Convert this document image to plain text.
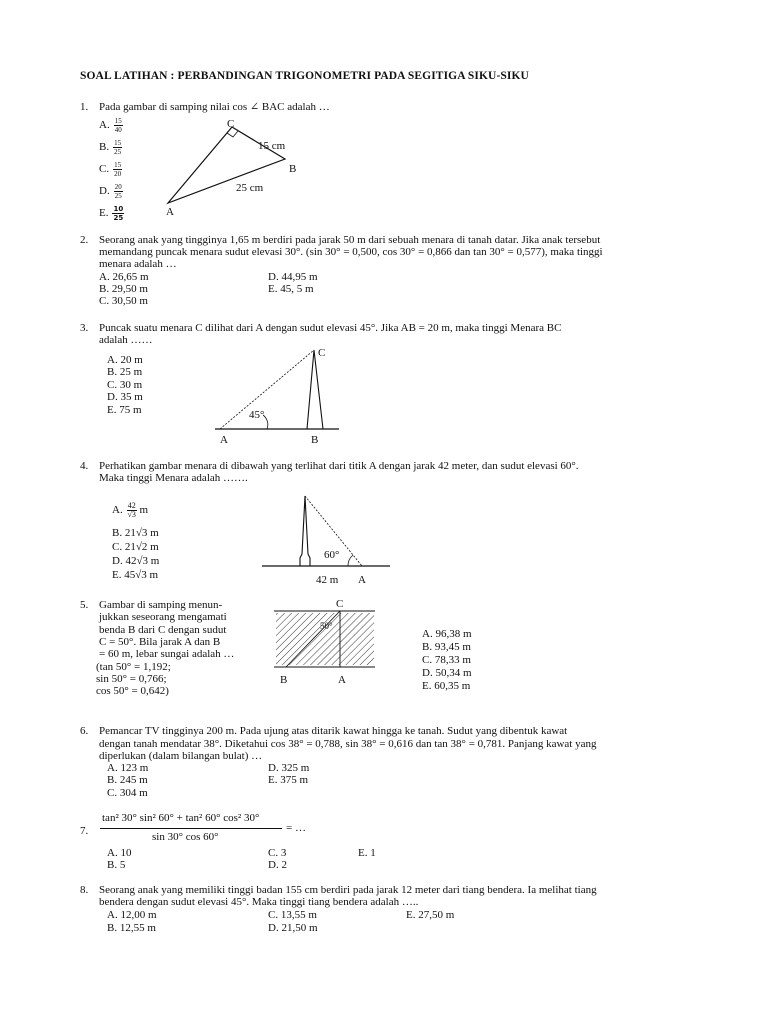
SOAL LATIHAN : PERBANDINGAN TRIGONOMETRI PADA SEGITIGA SIKU-SIKU
1. Pada gambar di samping nilai cos ∠ BAC adalah …
A. $\frac{15}{40}$
B. $\frac{15}{25}$
C. $\frac{15}{20}$
D. $\frac{20}{25}$
E. $\frac{10}{25}$
C
B
A
15 cm
25 cm
2. Seorang anak yang tingginya 1,65 m berdiri pada jarak 50 m dari sebuah menara di tanah datar. Jika anak tersebut
memandang puncak menara sudut elevasi 30°. (sin 30° = 0,500, cos 30° = 0,866 dan tan 30° = 0,577), maka tinggi
menara adalah …
A. 26,65 m
B. 29,50 m
C. 30,50 m
D. 44,95 m
E. 45, 5 m
3. Puncak suatu menara C dilihat dari A dengan sudut elevasi 45°. Jika AB = 20 m, maka tinggi Menara BC
adalah ……
A. 20 m
B. 25 m
C. 30 m
D. 35 m
E. 75 m
C
45°
A	B
4. Perhatikan gambar menara di dibawah yang terlihat dari titik A dengan jarak 42 meter, dan sudut elevasi 60°.
Maka tinggi Menara adalah …….
A. $\frac{42}{√3}$ m
B. 21√3 m
C. 21√2 m
D. 42√3 m
E. 45√3 m
60°
42 m A
5. Gambar di samping menun-
jukkan seseorang mengamati
benda B dari C dengan sudut
C = 50°. Bila jarak A dan B
= 60 m, lebar sungai adalah …
(tan 50° = 1,192;
sin 50° = 0,766;
cos 50° = 0,642)
C
50°
B	A
A. 96,38 m
B. 93,45 m
C. 78,33 m
D. 50,34 m
E. 60,35 m
6. Pemancar TV tingginya 200 m. Pada ujung atas ditarik kawat hingga ke tanah. Sudut yang dibentuk kawat
dengan tanah mendatar 38°. Diketahui cos 38° = 0,788, sin 38° = 0,616 dan tan 38° = 0,781. Panjang kawat yang
diperlukan (dalam bilangan bulat) …
A. 123 m
B. 245 m
C. 304 m
D. 325 m
E. 375 m
7.
tan² 30° sin² 60° + tan² 60° cos² 30°
sin 30° cos 60°
= …
A. 10
B. 5
C. 3
D. 2
E. 1
8. Seorang anak yang memiliki tinggi badan 155 cm berdiri pada jarak 12 meter dari tiang bendera. Ia melihat tiang
bendera dengan sudut elevasi 45°. Maka tinggi tiang bendera adalah …..
A. 12,00 m
B. 12,55 m
C. 13,55 m
D. 21,50 m
E. 27,50 m
